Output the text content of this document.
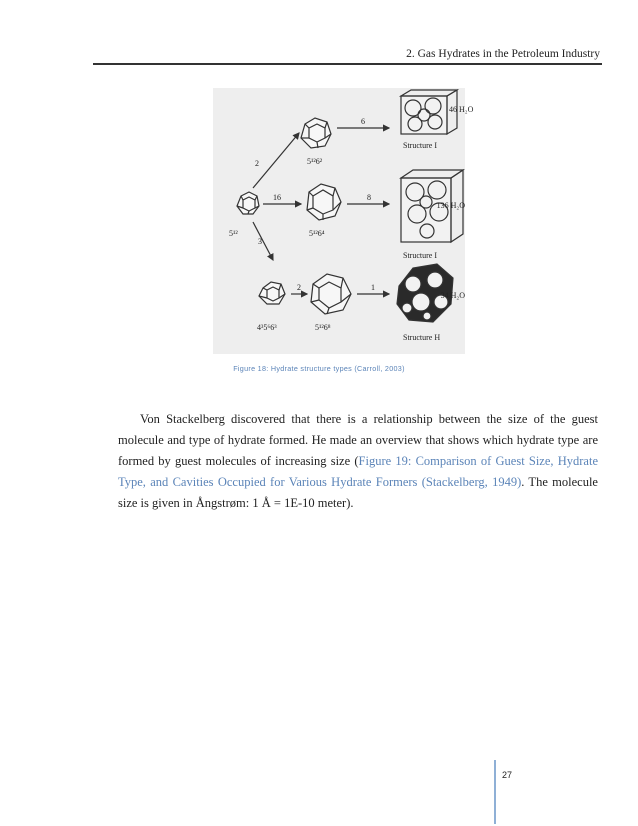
2. Gas Hydrates in the Petroleum Industry
2
16
3
6
8
2	1
5¹²
5¹²6²
5¹²6⁴
4³5⁶6³	5¹²6⁸
Structure I
Structure I
Structure H
46 H₂O
136 H₂O
34 H₂O
Figure 18: Hydrate structure types (Carroll, 2003)
Von Stackelberg discovered that there is a relationship between the size of the guest molecule and type of hydrate formed. He made an overview that shows which hydrate type are formed by guest molecules of increasing size (Figure 19: Comparison of Guest Size, Hydrate Type, and Cavities Occupied for Various Hydrate Formers (Stackelberg, 1949). The molecule size is given in Ångstrøm: 1 Å = 1E-10 meter).
27
